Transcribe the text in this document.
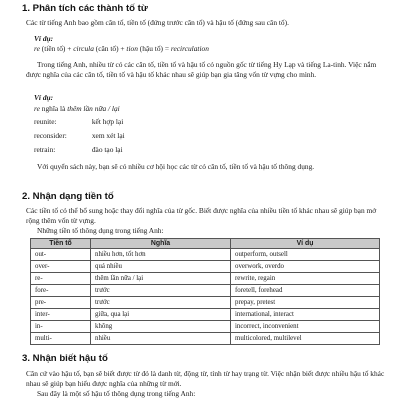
1. Phân tích các thành tố từ

Các từ tiếng Anh bao gồm căn tố, tiền tố (đứng trước căn tố) và hậu tố (đứng sau căn tố).

Ví dụ:

re (tiền tố) + circula (căn tố) + tion (hậu tố) = recirculation

Trong tiếng Anh, nhiều từ có các căn tố, tiền tố và hậu tố có nguồn gốc từ tiếng Hy Lạp và tiếng La-tinh. Việc nắm được nghĩa của các căn tố, tiền tố và hậu tố khác nhau sẽ giúp bạn gia tăng vốn từ vựng cho mình.

Ví dụ:

re nghĩa là thêm lần nữa / lại

reunite:	kết hợp lại
reconsider:	xem xét lại
retrain:	đào tạo lại

Với quyển sách này, bạn sẽ có nhiều cơ hội học các từ có căn tố, tiền tố và hậu tố thông dụng.

2. Nhận dạng tiền tố

Các tiền tố có thể bổ sung hoặc thay đổi nghĩa của từ gốc. Biết được nghĩa của nhiều tiền tố khác nhau sẽ giúp bạn mở rộng thêm vốn từ vựng.

Những tiền tố thông dụng trong tiếng Anh:

Tiền tố	Nghĩa	Ví dụ
out-	nhiều hơn, tốt hơn	outperform, outsell
over-	quá nhiều	overwork, overdo
re-	thêm lần nữa / lại	rewrite, regain
fore-	trước	foretell, forehead
pre-	trước	prepay, pretest
inter-	giữa, qua lại	international, interact
in-	không	incorrect, inconvenient
multi-	nhiều	multicolored, multilevel
3. Nhận biết hậu tố

Căn cứ vào hậu tố, bạn sẽ biết được từ đó là danh từ, động từ, tính từ hay trạng từ. Việc nhận biết được nhiều hậu tố khác nhau sẽ giúp bạn hiểu được nghĩa của những từ mới.

Sau đây là một số hậu tố thông dụng trong tiếng Anh:
